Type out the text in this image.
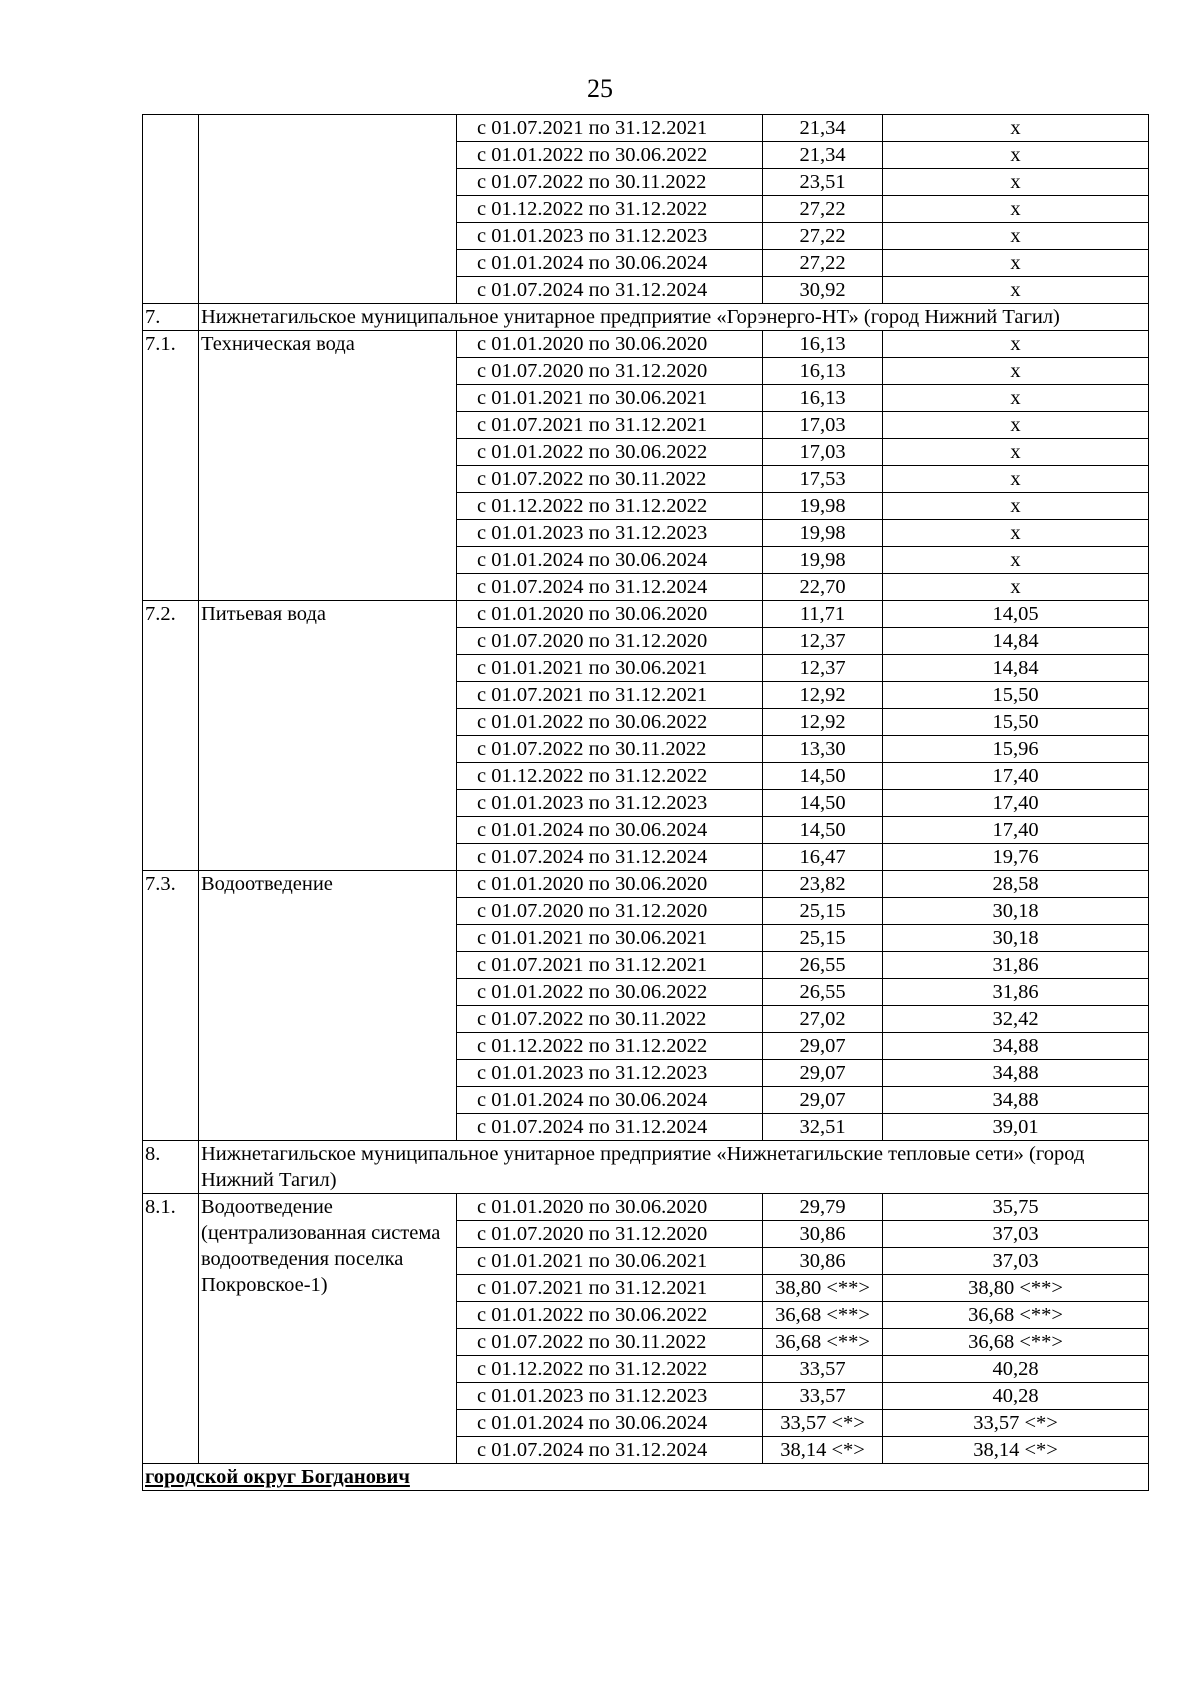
25
		с 01.07.2021 по 31.12.2021	21,34	х
		с 01.01.2022 по 30.06.2022	21,34	х
		с 01.07.2022 по 30.11.2022	23,51	х
		с 01.12.2022 по 31.12.2022	27,22	х
		с 01.01.2023 по 31.12.2023	27,22	х
		с 01.01.2024 по 30.06.2024	27,22	х
		с 01.07.2024 по 31.12.2024	30,92	х
7.	Нижнетагильское муниципальное унитарное предприятие «Горэнерго-НТ» (город Нижний Тагил)			
7.1.	Техническая вода	с 01.01.2020 по 30.06.2020	16,13	х
		с 01.07.2020 по 31.12.2020	16,13	х
		с 01.01.2021 по 30.06.2021	16,13	х
		с 01.07.2021 по 31.12.2021	17,03	х
		с 01.01.2022 по 30.06.2022	17,03	х
		с 01.07.2022 по 30.11.2022	17,53	х
		с 01.12.2022 по 31.12.2022	19,98	х
		с 01.01.2023 по 31.12.2023	19,98	х
		с 01.01.2024 по 30.06.2024	19,98	х
		с 01.07.2024 по 31.12.2024	22,70	х
7.2.	Питьевая вода	с 01.01.2020 по 30.06.2020	11,71	14,05
		с 01.07.2020 по 31.12.2020	12,37	14,84
		с 01.01.2021 по 30.06.2021	12,37	14,84
		с 01.07.2021 по 31.12.2021	12,92	15,50
		с 01.01.2022 по 30.06.2022	12,92	15,50
		с 01.07.2022 по 30.11.2022	13,30	15,96
		с 01.12.2022 по 31.12.2022	14,50	17,40
		с 01.01.2023 по 31.12.2023	14,50	17,40
		с 01.01.2024 по 30.06.2024	14,50	17,40
		с 01.07.2024 по 31.12.2024	16,47	19,76
7.3.	Водоотведение	с 01.01.2020 по 30.06.2020	23,82	28,58
		с 01.07.2020 по 31.12.2020	25,15	30,18
		с 01.01.2021 по 30.06.2021	25,15	30,18
		с 01.07.2021 по 31.12.2021	26,55	31,86
		с 01.01.2022 по 30.06.2022	26,55	31,86
		с 01.07.2022 по 30.11.2022	27,02	32,42
		с 01.12.2022 по 31.12.2022	29,07	34,88
		с 01.01.2023 по 31.12.2023	29,07	34,88
		с 01.01.2024 по 30.06.2024	29,07	34,88
		с 01.07.2024 по 31.12.2024	32,51	39,01
8.	Нижнетагильское муниципальное унитарное предприятие «Нижнетагильские тепловые сети» (город Нижний Тагил)			
8.1.	Водоотведение (централизованная система водоотведения поселка Покровское-1)	с 01.01.2020 по 30.06.2020	29,79	35,75
		с 01.07.2020 по 31.12.2020	30,86	37,03
		с 01.01.2021 по 30.06.2021	30,86	37,03
		с 01.07.2021 по 31.12.2021	38,80 <**>	38,80 <**>
		с 01.01.2022 по 30.06.2022	36,68 <**>	36,68 <**>
		с 01.07.2022 по 30.11.2022	36,68 <**>	36,68 <**>
		с 01.12.2022 по 31.12.2022	33,57	40,28
		с 01.01.2023 по 31.12.2023	33,57	40,28
		с 01.01.2024 по 30.06.2024	33,57 <*>	33,57 <*>
		с 01.07.2024 по 31.12.2024	38,14 <*>	38,14 <*>
городской округ Богданович				
